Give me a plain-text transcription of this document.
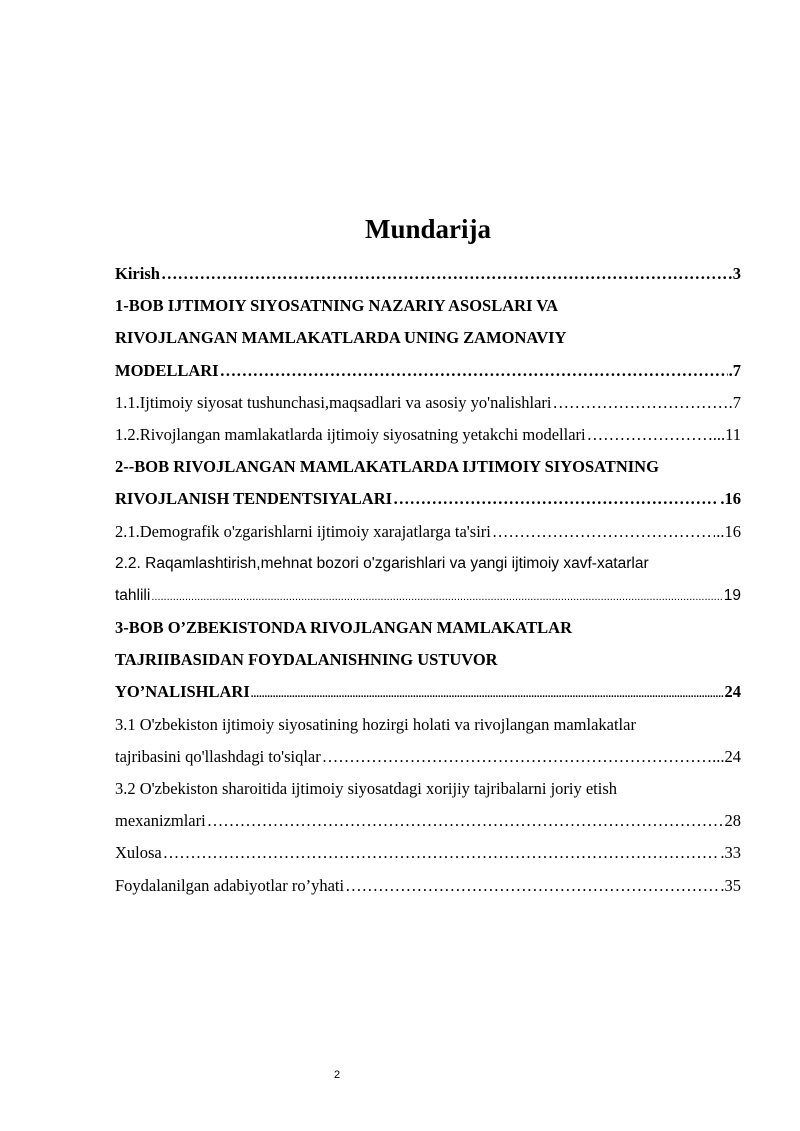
Mundarija
Kirish …………………………………………………………………………………………………………………………………………………………………………………………………	3
1-BOB IJTIMOIY SIYOSATNING NAZARIY ASOSLARI VA
RIVOJLANGAN MAMLAKATLARDA UNING ZAMONAVIY
MODELLARI …………………………………………………………………………………………………………………………………………………………………………………………………	.7
1.1. Ijtimoiy siyosat tushunchasi,maqsadlari va asosiy yo'nalishlari …………………………………………………………………………………………………………………………………………………………………………………………………	.7
1.2. Rivojlangan mamlakatlarda ijtimoiy siyosatning yetakchi modellari …………………………………………………………………………………………………………………………………………………………………………………………………	...11
2--BOB RIVOJLANGAN MAMLAKATLARDA IJTIMOIY SIYOSATNING
RIVOJLANISH TENDENTSIYALARI …………………………………………………………………………………………………………………………………………………………………………………………………	.16
2.1.Demografik o'zgarishlarni ijtimoiy xarajatlarga ta'siri …………………………………………………………………………………………………………………………………………………………………………………………………	..16
2.2. Raqamlashtirish,mehnat bozori o'zgarishlari va yangi ijtimoiy xavf-xatarlar
tahlili .....	19
3-BOB O’ZBEKISTONDA RIVOJLANGAN MAMLAKATLAR
TAJRIIBASIDAN FOYDALANISHNING USTUVOR
YO’NALISHLARI .....	24
3.1 O'zbekiston ijtimoiy siyosatining hozirgi holati va rivojlangan mamlakatlar
tajribasini qo'llashdagi to'siqlar …………………………………………………………………………………………………………………………………………………………………………………………………	...24
3.2 O'zbekiston sharoitida ijtimoiy siyosatdagi xorijiy tajribalarni joriy etish
mexanizmlari …………………………………………………………………………………………………………………………………………………………………………………………………	28
Xulosa …………………………………………………………………………………………………………………………………………………………………………………………………	.33
Foydalanilgan adabiyotlar ro’yhati …………………………………………………………………………………………………………………………………………………………………………………………………	.35
2
